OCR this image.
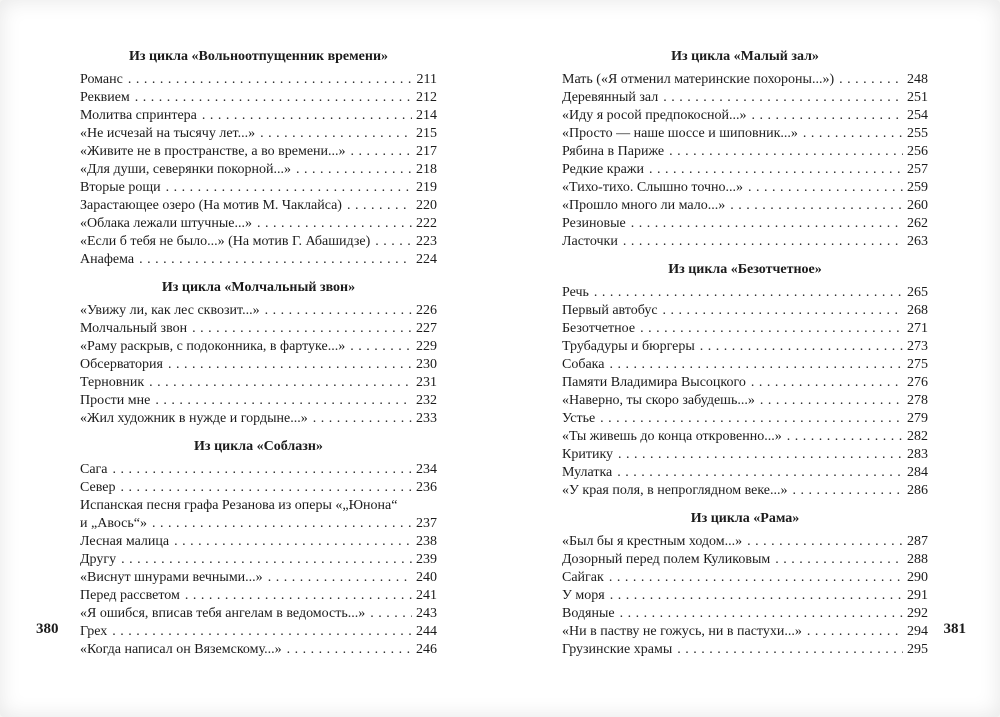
Из цикла «Вольноотпущенник времени»
Романс . . .	211
Реквием . . .	212
Молитва спринтера . . .	214
«Не исчезай на тысячу лет...» . . .	215
«Живите не в пространстве, а во времени...» . . .	217
«Для души, северянки покорной...» . . .	218
Вторые рощи . . .	219
Зарастающее озеро (На мотив М. Чаклайса) . . .	220
«Облака лежали штучные...» . . .	222
«Если б тебя не было...» (На мотив Г. Абашидзе) . . .	223
Анафема . . .	224
Из цикла «Молчальный звон»
«Увижу ли, как лес сквозит...» . . .	226
Молчальный звон . . .	227
«Раму раскрыв, с подоконника, в фартуке...» . . .	229
Обсерватория . . .	230
Терновник . . .	231
Прости мне . . .	232
«Жил художник в нужде и гордыне...» . . .	233
Из цикла «Соблазн»
Сага . . .	234
Север . . .	236
Испанская песня графа Резанова из оперы «„Юнона“
и „Авось“» . . .	237
Лесная малица . . .	238
Другу . . .	239
«Виснут шнурами вечными...» . . .	240
Перед рассветом . . .	241
«Я ошибся, вписав тебя ангелам в ведомость...» . . .	243
Грех . . .	244
«Когда написал он Вяземскому...» . . .	246
Из цикла «Малый зал»
Мать («Я отменил материнские похороны...») . . .	248
Деревянный зал . . .	251
«Иду я росой предпокосной...» . . .	254
«Просто — наше шоссе и шиповник...» . . .	255
Рябина в Париже . . .	256
Редкие кражи . . .	257
«Тихо-тихо. Слышно точно...» . . .	259
«Прошло много ли мало...» . . .	260
Резиновые . . .	262
Ласточки . . .	263
Из цикла «Безотчетное»
Речь . . .	265
Первый автобус . . .	268
Безотчетное . . .	271
Трубадуры и бюргеры . . .	273
Собака . . .	275
Памяти Владимира Высоцкого . . .	276
«Наверно, ты скоро забудешь...» . . .	278
Устье . . .	279
«Ты живешь до конца откровенно...» . . .	282
Критику . . .	283
Мулатка . . .	284
«У края поля, в непроглядном веке...» . . .	286
Из цикла «Рама»
«Был бы я крестным ходом...» . . .	287
Дозорный перед полем Куликовым . . .	288
Сайгак . . .	290
У моря . . .	291
Водяные . . .	292
«Ни в паству не гожусь, ни в пастухи...» . . .	294
Грузинские храмы . . .	295
380	381
